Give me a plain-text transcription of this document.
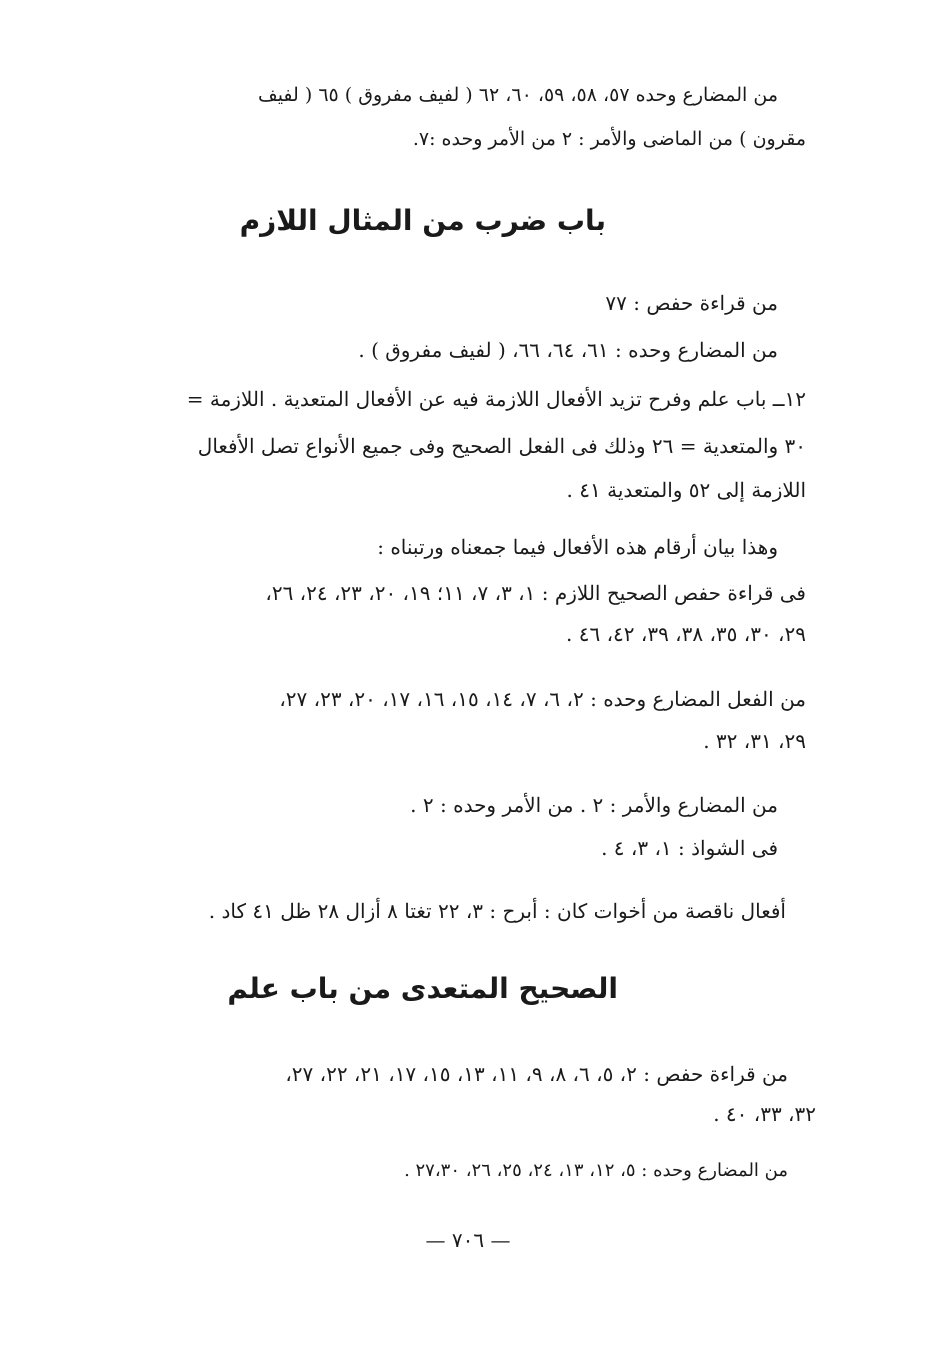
من المضارع وحده ٥٧، ٥٨، ٥٩، ٦٠، ٦٢ ( لفيف مفروق ) ٦٥ ( لفيف

مقرون ) من الماضى والأمر : ٢ من الأمر وحده :٧.

باب ضرب من المثال اللازم

من قراءة حفص : ٧٧

من المضارع وحده : ٦١، ٦٤، ٦٦، ( لفيف مفروق ) .

١٢ــ باب علم وفرح تزيد الأفعال اللازمة فيه عن الأفعال المتعدية . اللازمة =

٣٠ والمتعدية = ٢٦ وذلك فى الفعل الصحيح وفى جميع الأنواع تصل الأفعال

اللازمة إلى ٥٢ والمتعدية ٤١ .

وهذا بيان أرقام هذه الأفعال فيما جمعناه ورتبناه :

فى قراءة حفص الصحيح اللازم : ١، ٣، ٧، ١١؛ ١٩، ٢٠، ٢٣، ٢٤، ٢٦،

٢٩، ٣٠، ٣٥، ٣٨، ٣٩، ٤٢، ٤٦ .

من الفعل المضارع وحده : ٢، ٦، ٧، ١٤، ١٥، ١٦، ١٧، ٢٠، ٢٣، ٢٧،

٢٩، ٣١، ٣٢ .

من المضارع والأمر : ٢ . من الأمر وحده : ٢ .

فى الشواذ : ١، ٣، ٤ .

أفعال ناقصة من أخوات كان : أبرح : ٣، ٢٢ تغتا ٨ أزال ٢٨ ظل ٤١ كاد .

الصحيح المتعدى من باب علم

من قراءة حفص : ٢، ٥، ٦، ٨، ٩، ١١، ١٣، ١٥، ١٧، ٢١، ٢٢، ٢٧،

٣٢، ٣٣، ٤٠ .

من المضارع وحده : ٥، ١٢، ١٣، ٢٤، ٢٥، ٢٦، ٢٧،٣٠ .

— ٧٠٦ —
